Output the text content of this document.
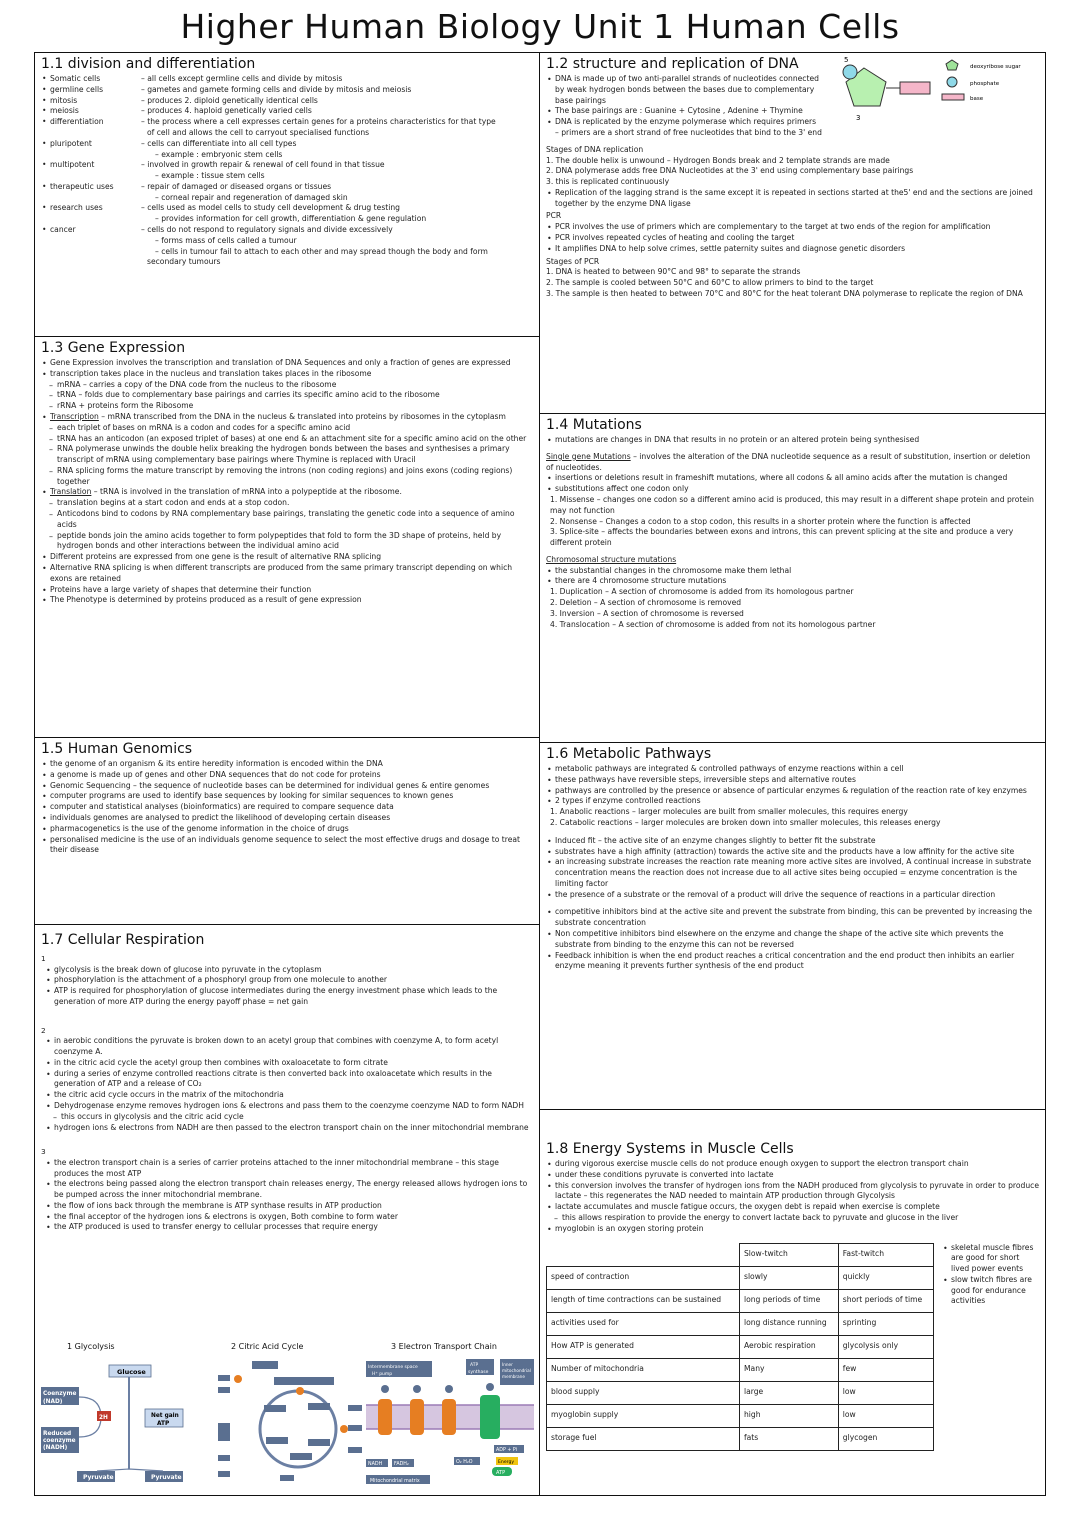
Higher Human Biology Unit 1 Human Cells
1.1 division and differentiation
• Somatic cells	– all cells except germline cells and divide by mitosis
• germline cells	– gametes and gamete forming cells and divide by mitosis and meiosis
• mitosis	– produces 2. diploid genetically identical cells
• meiosis	– produces 4. haploid genetically varied cells
• differentiation	– the process where a cell expresses certain genes for a proteins characteristics for that type
of cell and allows the cell to carryout specialised functions
• pluripotent	– cells can differentiate into all cell types
– example : embryonic stem cells
• multipotent	– involved in growth repair & renewal of cell found in that tissue
– example : tissue stem cells
• therapeutic uses	– repair of damaged or diseased organs or tissues
– corneal repair and regeneration of damaged skin
• research uses	– cells used as model cells to study cell development & drug testing
– provides information for cell growth, differentiation & gene regulation
• cancer	– cells do not respond to regulatory signals and divide excessively
– forms mass of cells called a tumour
– cells in tumour fail to attach to each other and may spread though the body and form
secondary tumours
1.2 structure and replication of DNA
• DNA is made up of two anti-parallel strands of nucleotides connected by weak hydrogen bonds between the bases due to complementary base pairings
• The base pairings are : Guanine + Cytosine , Adenine + Thymine
• DNA is replicated by the enzyme polymerase which requires primers – primers are a short strand of free nucleotides that bind to the 3' end
5
3
deoxyribose sugar
phosphate
base
Stages of DNA replication
1. The double helix is unwound – Hydrogen Bonds break and 2 template strands are made
2. DNA polymerase adds free DNA Nucleotides at the 3' end using complementary base pairings
3. this is replicated continuously
• Replication of the lagging strand is the same except it is repeated in sections started at the5' end and the sections are joined together by the enzyme DNA ligase
PCR
• PCR involves the use of primers which are complementary to the target at two ends of the region for amplification
• PCR involves repeated cycles of heating and cooling the target
• It amplifies DNA to help solve crimes, settle paternity suites and diagnose genetic disorders
Stages of PCR
1. DNA is heated to between 90°C and 98° to separate the strands
2. The sample is cooled between 50°C and 60°C to allow primers to bind to the target
3. The sample is then heated to between 70°C and 80°C for the heat tolerant DNA polymerase to replicate the region of DNA
1.3 Gene Expression
• Gene Expression involves the transcription and translation of DNA Sequences and only a fraction of genes are expressed
• transcription takes place in the nucleus and translation takes places in the ribosome
– mRNA – carries a copy of the DNA code from the nucleus to the ribosome
– tRNA – folds due to complementary base pairings and carries its specific amino acid to the ribosome
– rRNA + proteins form the Ribosome
• Transcription – mRNA transcribed from the DNA in the nucleus & translated into proteins by ribosomes in the cytoplasm
– each triplet of bases on mRNA is a codon and codes for a specific amino acid
– tRNA has an anticodon (an exposed triplet of bases) at one end & an attachment site for a specific amino acid on the other
– RNA polymerase unwinds the double helix breaking the hydrogen bonds between the bases and synthesises a primary transcript of mRNA using complementary base pairings where Thymine is replaced with Uracil
– RNA splicing forms the mature transcript by removing the introns (non coding regions) and joins exons (coding regions) together
• Translation – tRNA is involved in the translation of mRNA into a polypeptide at the ribosome.
– translation begins at a start codon and ends at a stop codon.
– Anticodons bind to codons by RNA complementary base pairings, translating the genetic code into a sequence of amino acids
– peptide bonds join the amino acids together to form polypeptides that fold to form the 3D shape of proteins, held by hydrogen bonds and other interactions between the individual amino acid
• Different proteins are expressed from one gene is the result of alternative RNA splicing
• Alternative RNA splicing is when different transcripts are produced from the same primary transcript depending on which exons are retained
• Proteins have a large variety of shapes that determine their function
• The Phenotype is determined by proteins produced as a result of gene expression
1.4 Mutations
• mutations are changes in DNA that results in no protein or an altered protein being synthesised
Single gene Mutations – involves the alteration of the DNA nucleotide sequence as a result of substitution, insertion or deletion of nucleotides.
• insertions or deletions result in frameshift mutations, where all codons & all amino acids after the mutation is changed
• substitutions affect one codon only
1. Missense – changes one codon so a different amino acid is produced, this may result in a different shape protein and protein may not function
2. Nonsense – Changes a codon to a stop codon, this results in a shorter protein where the function is affected
3. Splice-site – affects the boundaries between exons and introns, this can prevent splicing at the site and produce a very different protein
Chromosomal structure mutations
• the substantial changes in the chromosome make them lethal
• there are 4 chromosome structure mutations
1. Duplication – A section of chromosome is added from its homologous partner
2. Deletion – A section of chromosome is removed
3. Inversion – A section of chromosome is reversed
4. Translocation – A section of chromosome is added from not its homologous partner
1.5 Human Genomics
• the genome of an organism & its entire heredity information is encoded within the DNA
• a genome is made up of genes and other DNA sequences that do not code for proteins
• Genomic Sequencing – the sequence of nucleotide bases can be determined for individual genes & entire genomes
• computer programs are used to identify base sequences by looking for similar sequences to known genes
• computer and statistical analyses (bioinformatics) are required to compare sequence data
• individuals genomes are analysed to predict the likelihood of developing certain diseases
• pharmacogenetics is the use of the genome information in the choice of drugs
• personalised medicine is the use of an individuals genome sequence to select the most effective drugs and dosage to treat their disease
1.6 Metabolic Pathways
• metabolic pathways are integrated & controlled pathways of enzyme reactions within a cell
• these pathways have reversible steps, irreversible steps and alternative routes
• pathways are controlled by the presence or absence of particular enzymes & regulation of the reaction rate of key enzymes
• 2 types if enzyme controlled reactions
1. Anabolic reactions – larger molecules are built from smaller molecules, this requires energy
2. Catabolic reactions – larger molecules are broken down into smaller molecules, this releases energy
• Induced fit – the active site of an enzyme changes slightly to better fit the substrate
• substrates have a high affinity (attraction) towards the active site and the products have a low affinity for the active site
• an increasing substrate increases the reaction rate meaning more active sites are involved, A continual increase in substrate concentration means the reaction does not increase due to all active sites being occupied = enzyme concentration is the limiting factor
• the presence of a substrate or the removal of a product will drive the sequence of reactions in a particular direction
• competitive inhibitors bind at the active site and prevent the substrate from binding, this can be prevented by increasing the substrate concentration
• Non competitive inhibitors bind elsewhere on the enzyme and change the shape of the active site which prevents the substrate from binding to the enzyme this can not be reversed
• Feedback inhibition is when the end product reaches a critical concentration and the end product then inhibits an earlier enzyme meaning it prevents further synthesis of the end product
1.7 Cellular Respiration
1
• glycolysis is the break down of glucose into pyruvate in the cytoplasm
• phosphorylation is the attachment of a phosphoryl group from one molecule to another
• ATP is required for phosphorylation of glucose intermediates during the energy investment phase which leads to the generation of more ATP during the energy payoff phase = net gain
2
• in aerobic conditions the pyruvate is broken down to an acetyl group that combines with coenzyme A, to form acetyl coenzyme A.
• in the citric acid cycle the acetyl group then combines with oxaloacetate to form citrate
• during a series of enzyme controlled reactions citrate is then converted back into oxaloacetate which results in the generation of ATP and a release of CO₂
• the citric acid cycle occurs in the matrix of the mitochondria
• Dehydrogenase enzyme removes hydrogen ions & electrons and pass them to the coenzyme coenzyme NAD to form NADH
– this occurs in glycolysis and the citric acid cycle
• hydrogen ions & electrons from NADH are then passed to the electron transport chain on the inner mitochondrial membrane
3
• the electron transport chain is a series of carrier proteins attached to the inner mitochondrial membrane – this stage produces the most ATP
• the electrons being passed along the electron transport chain releases energy, The energy released allows hydrogen ions to be pumped across the inner mitochondrial membrane.
• the flow of ions back through the membrane is ATP synthase results in ATP production
• the final acceptor of the hydrogen ions & electrons is oxygen, Both combine to form water
• the ATP produced is used to transfer energy to cellular processes that require energy
1 Glycolysis	2 Citric Acid Cycle	3 Electron Transport Chain
Glucose
Coenzyme
(NAD)
2H	Net gain
ATP
Reduced
coenzyme
(NADH)
Pyruvate	Pyruvate
Intermembrane space
H⁺ pump
ATP
synthase
Inner
mitochondrial
membrane
NADH FADH₂	O₂ H₂O
ADP + Pi
Energy
ATP
Mitochondrial matrix
1.8 Energy Systems in Muscle Cells
• during vigorous exercise muscle cells do not produce enough oxygen to support the electron transport chain
• under these conditions pyruvate is converted into lactate
• this conversion involves the transfer of hydrogen ions from the NADH produced from glycolysis to pyruvate in order to produce lactate – this regenerates the NAD needed to maintain ATP production through Glycolysis
• lactate accumulates and muscle fatigue occurs, the oxygen debt is repaid when exercise is complete
– this allows respiration to provide the energy to convert lactate back to pyruvate and glucose in the liver
• myoglobin is an oxygen storing protein
	Slow-twitch	Fast-twitch
speed of contraction	slowly	quickly
length of time contractions can be sustained	long periods of time	short periods of time
activities used for	long distance running	sprinting
How ATP is generated	Aerobic respiration	glycolysis only
Number of mitochondria	Many	few
blood supply	large	low
myoglobin supply	high	low
storage fuel	fats	glycogen
• skeletal muscle fibres are good for short lived power events
• slow twitch fibres are good for endurance activities
